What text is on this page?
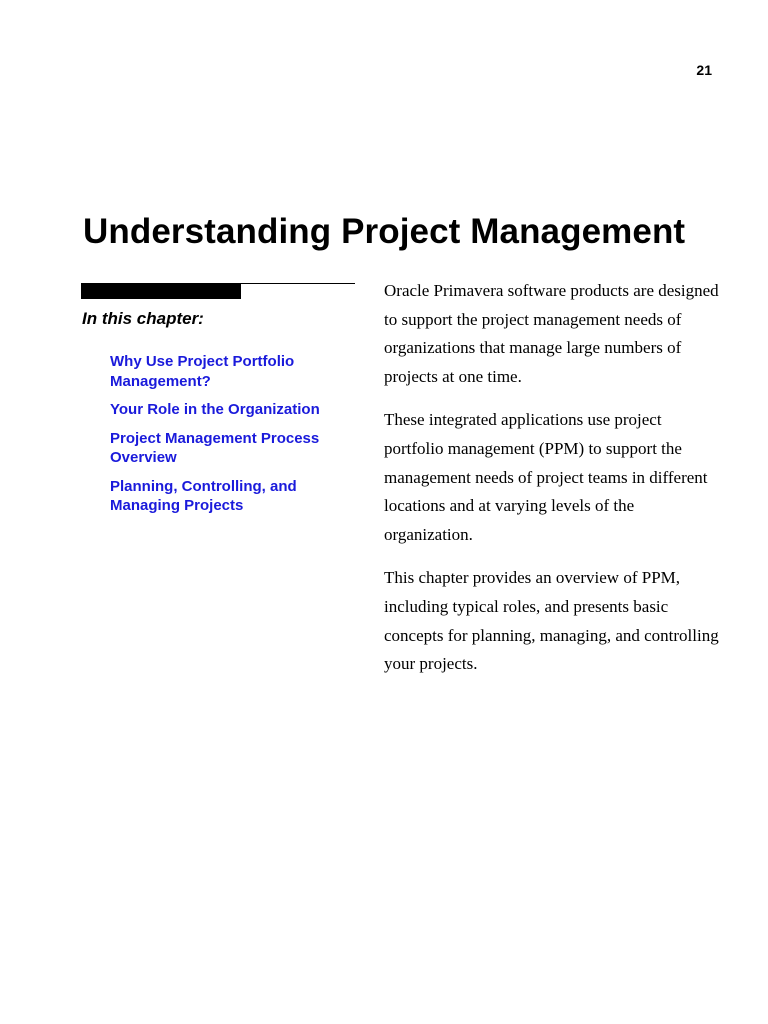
21
Understanding Project Management
In this chapter:
Why Use Project Portfolio Management?
Your Role in the Organization
Project Management Process Overview
Planning, Controlling, and Managing Projects

Oracle Primavera software products are designed to support the project management needs of organizations that manage large numbers of projects at one time.

These integrated applications use project portfolio management (PPM) to support the management needs of project teams in different locations and at varying levels of the organization.

This chapter provides an overview of PPM, including typical roles, and presents basic concepts for planning, managing, and controlling your projects.
